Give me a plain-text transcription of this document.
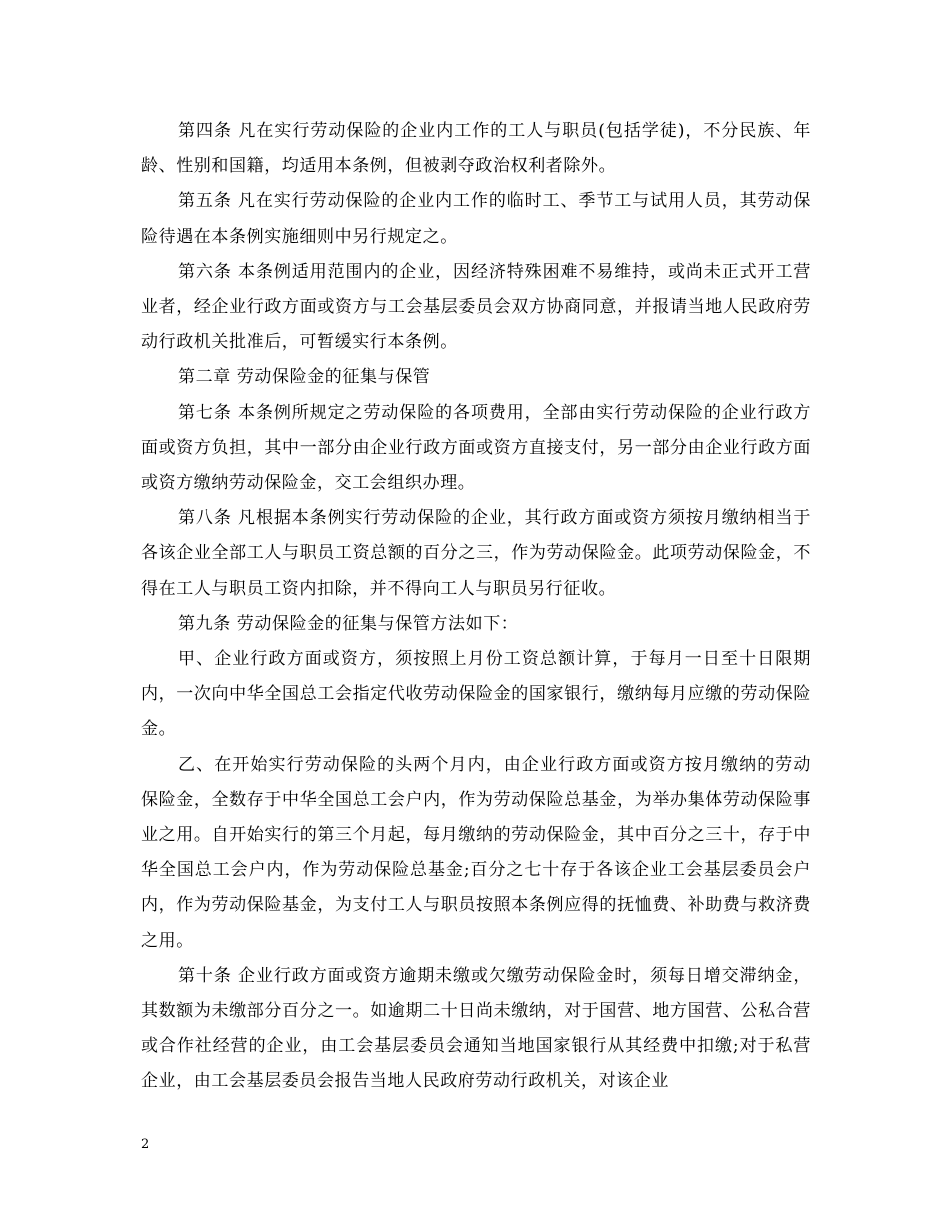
第四条 凡在实行劳动保险的企业内工作的工人与职员(包括学徒)，不分民族、年龄、性别和国籍，均适用本条例，但被剥夺政治权利者除外。

第五条 凡在实行劳动保险的企业内工作的临时工、季节工与试用人员，其劳动保险待遇在本条例实施细则中另行规定之。

第六条 本条例适用范围内的企业，因经济特殊困难不易维持，或尚未正式开工营业者，经企业行政方面或资方与工会基层委员会双方协商同意，并报请当地人民政府劳动行政机关批准后，可暂缓实行本条例。

第二章 劳动保险金的征集与保管

第七条 本条例所规定之劳动保险的各项费用，全部由实行劳动保险的企业行政方面或资方负担，其中一部分由企业行政方面或资方直接支付，另一部分由企业行政方面或资方缴纳劳动保险金，交工会组织办理。

第八条 凡根据本条例实行劳动保险的企业，其行政方面或资方须按月缴纳相当于各该企业全部工人与职员工资总额的百分之三，作为劳动保险金。此项劳动保险金，不得在工人与职员工资内扣除，并不得向工人与职员另行征收。

第九条 劳动保险金的征集与保管方法如下：

甲、企业行政方面或资方，须按照上月份工资总额计算，于每月一日至十日限期内，一次向中华全国总工会指定代收劳动保险金的国家银行，缴纳每月应缴的劳动保险金。

乙、在开始实行劳动保险的头两个月内，由企业行政方面或资方按月缴纳的劳动保险金，全数存于中华全国总工会户内，作为劳动保险总基金，为举办集体劳动保险事业之用。自开始实行的第三个月起，每月缴纳的劳动保险金，其中百分之三十，存于中华全国总工会户内，作为劳动保险总基金;百分之七十存于各该企业工会基层委员会户内，作为劳动保险基金，为支付工人与职员按照本条例应得的抚恤费、补助费与救济费之用。

第十条 企业行政方面或资方逾期未缴或欠缴劳动保险金时，须每日增交滞纳金，其数额为未缴部分百分之一。如逾期二十日尚未缴纳，对于国营、地方国营、公私合营或合作社经营的企业，由工会基层委员会通知当地国家银行从其经费中扣缴;对于私营企业，由工会基层委员会报告当地人民政府劳动行政机关，对该企业

2
